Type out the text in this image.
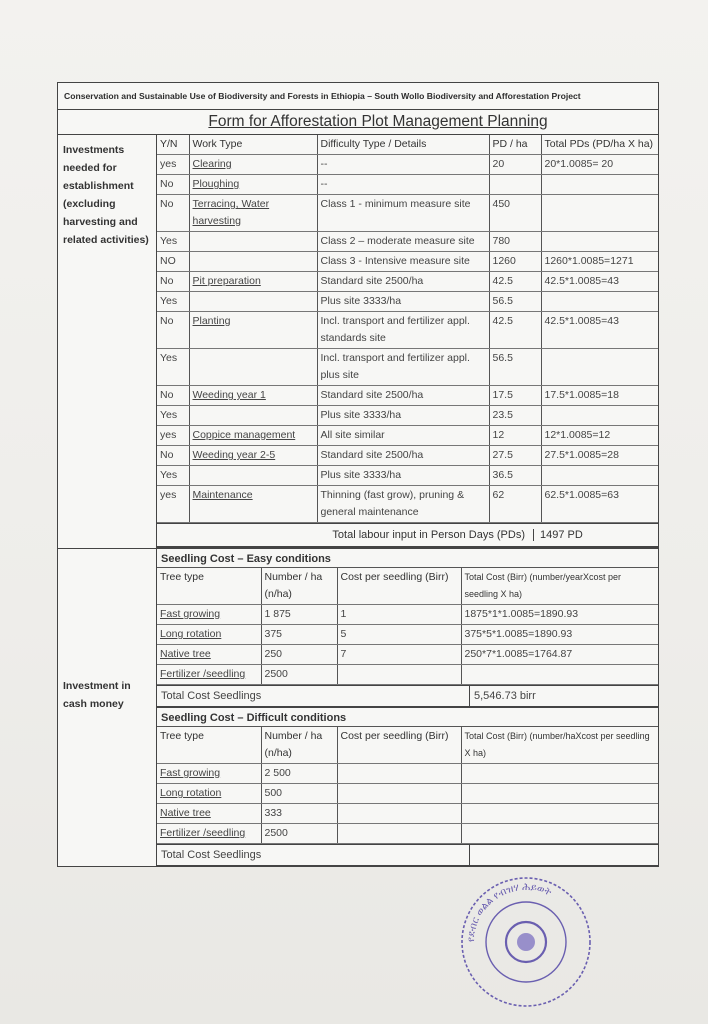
Conservation and Sustainable Use of Biodiversity and Forests in Ethiopia – South Wollo Biodiversity and Afforestation Project
Form for Afforestation Plot Management Planning
Investments needed for establishment (excluding harvesting and related activities)
Y/N	Work Type	Difficulty Type / Details	PD / ha	Total PDs (PD/ha X ha)
yes	Clearing	--	20	20*1.0085= 20
No	Ploughing	--		
No	Terracing, Water harvesting	Class 1 - minimum measure site	450	
Yes		Class 2 – moderate measure site	780	
NO		Class 3 - Intensive measure site	1260	1260*1.0085=1271
No	Pit preparation	Standard site 2500/ha	42.5	42.5*1.0085=43
Yes		Plus site 3333/ha	56.5	
No	Planting	Incl. transport and fertilizer appl. standards site	42.5	42.5*1.0085=43
Yes		Incl. transport and fertilizer appl. plus site	56.5	
No	Weeding year 1	Standard site 2500/ha	17.5	17.5*1.0085=18
Yes		Plus site 3333/ha	23.5	
yes	Coppice management	All site similar	12	12*1.0085=12
No	Weeding year 2-5	Standard site 2500/ha	27.5	27.5*1.0085=28
Yes		Plus site 3333/ha	36.5	
yes	Maintenance	Thinning (fast grow), pruning & general maintenance	62	62.5*1.0085=63
Total labour input in Person Days (PDs)	1497 PD
Investment in cash money
Seedling Cost – Easy conditions
Tree type	Number / ha (n/ha)	Cost per seedling (Birr)	Total Cost (Birr) (number/yearXcost per seedling X ha)
Fast growing	1 875	1	1875*1*1.0085=1890.93
Long rotation	375	5	375*5*1.0085=1890.93
Native tree	250	7	250*7*1.0085=1764.87
Fertilizer /seedling	2500		
Total Cost Seedlings	5,546.73 birr
Seedling Cost – Difficult conditions
Tree type	Number / ha (n/ha)	Cost per seedling (Birr)	Total Cost (Birr) (number/haXcost per seedling X ha)
Fast growing	2 500		
Long rotation	500		
Native tree	333		
Fertilizer /seedling	2500		
Total Cost Seedlings
የደብር ወልል የብዝሃ ሕይወት
